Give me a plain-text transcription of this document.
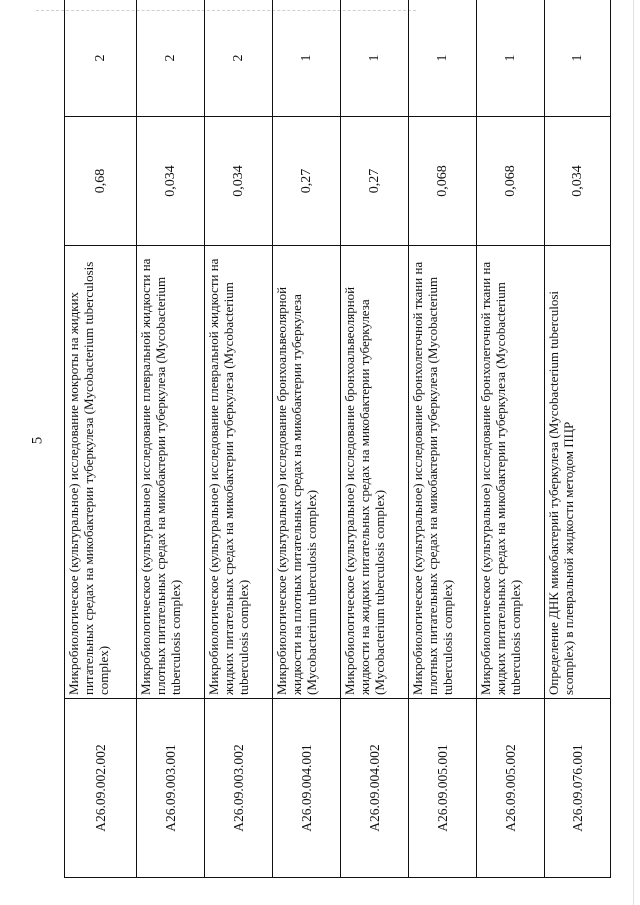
5
A26.09.002.002	Микробиологическое (культуральное) исследование мокроты на жидких питательных средах на микобактерии туберкулеза (Mycobacterium tuberculosis complex)	0,68	2
A26.09.003.001	Микробиологическое (культуральное) исследование плевральной жидкости на плотных питательных средах на микобактерии туберкулеза (Mycobacterium tuberculosis complex)	0,034	2
A26.09.003.002	Микробиологическое (культуральное) исследование плевральной жидкости на жидких питательных средах на микобактерии туберкулеза (Mycobacterium tuberculosis complex)	0,034	2
A26.09.004.001	Микробиологическое (культуральное) исследование бронхоальвеолярной жидкости на плотных питательных средах на микобактерии туберкулеза (Mycobacterium tuberculosis complex)	0,27	1
A26.09.004.002	Микробиологическое (культуральное) исследование бронхоальвеолярной жидкости на жидких питательных средах на микобактерии туберкулеза (Mycobacterium tuberculosis complex)	0,27	1
A26.09.005.001	Микробиологическое (культуральное) исследование бронхолегочной ткани на плотных питательных средах на микобактерии туберкулеза (Mycobacterium tuberculosis complex)	0,068	1
A26.09.005.002	Микробиологическое (культуральное) исследование бронхолегочной ткани на жидких питательных средах на микобактерии туберкулеза (Mycobacterium tuberculosis complex)	0,068	1
A26.09.076.001	Определение ДНК микобактерий туберкулеза (Mycobacterium tuberculosi scomplex) в плевральной жидкости методом ПЦР	0,034	1
